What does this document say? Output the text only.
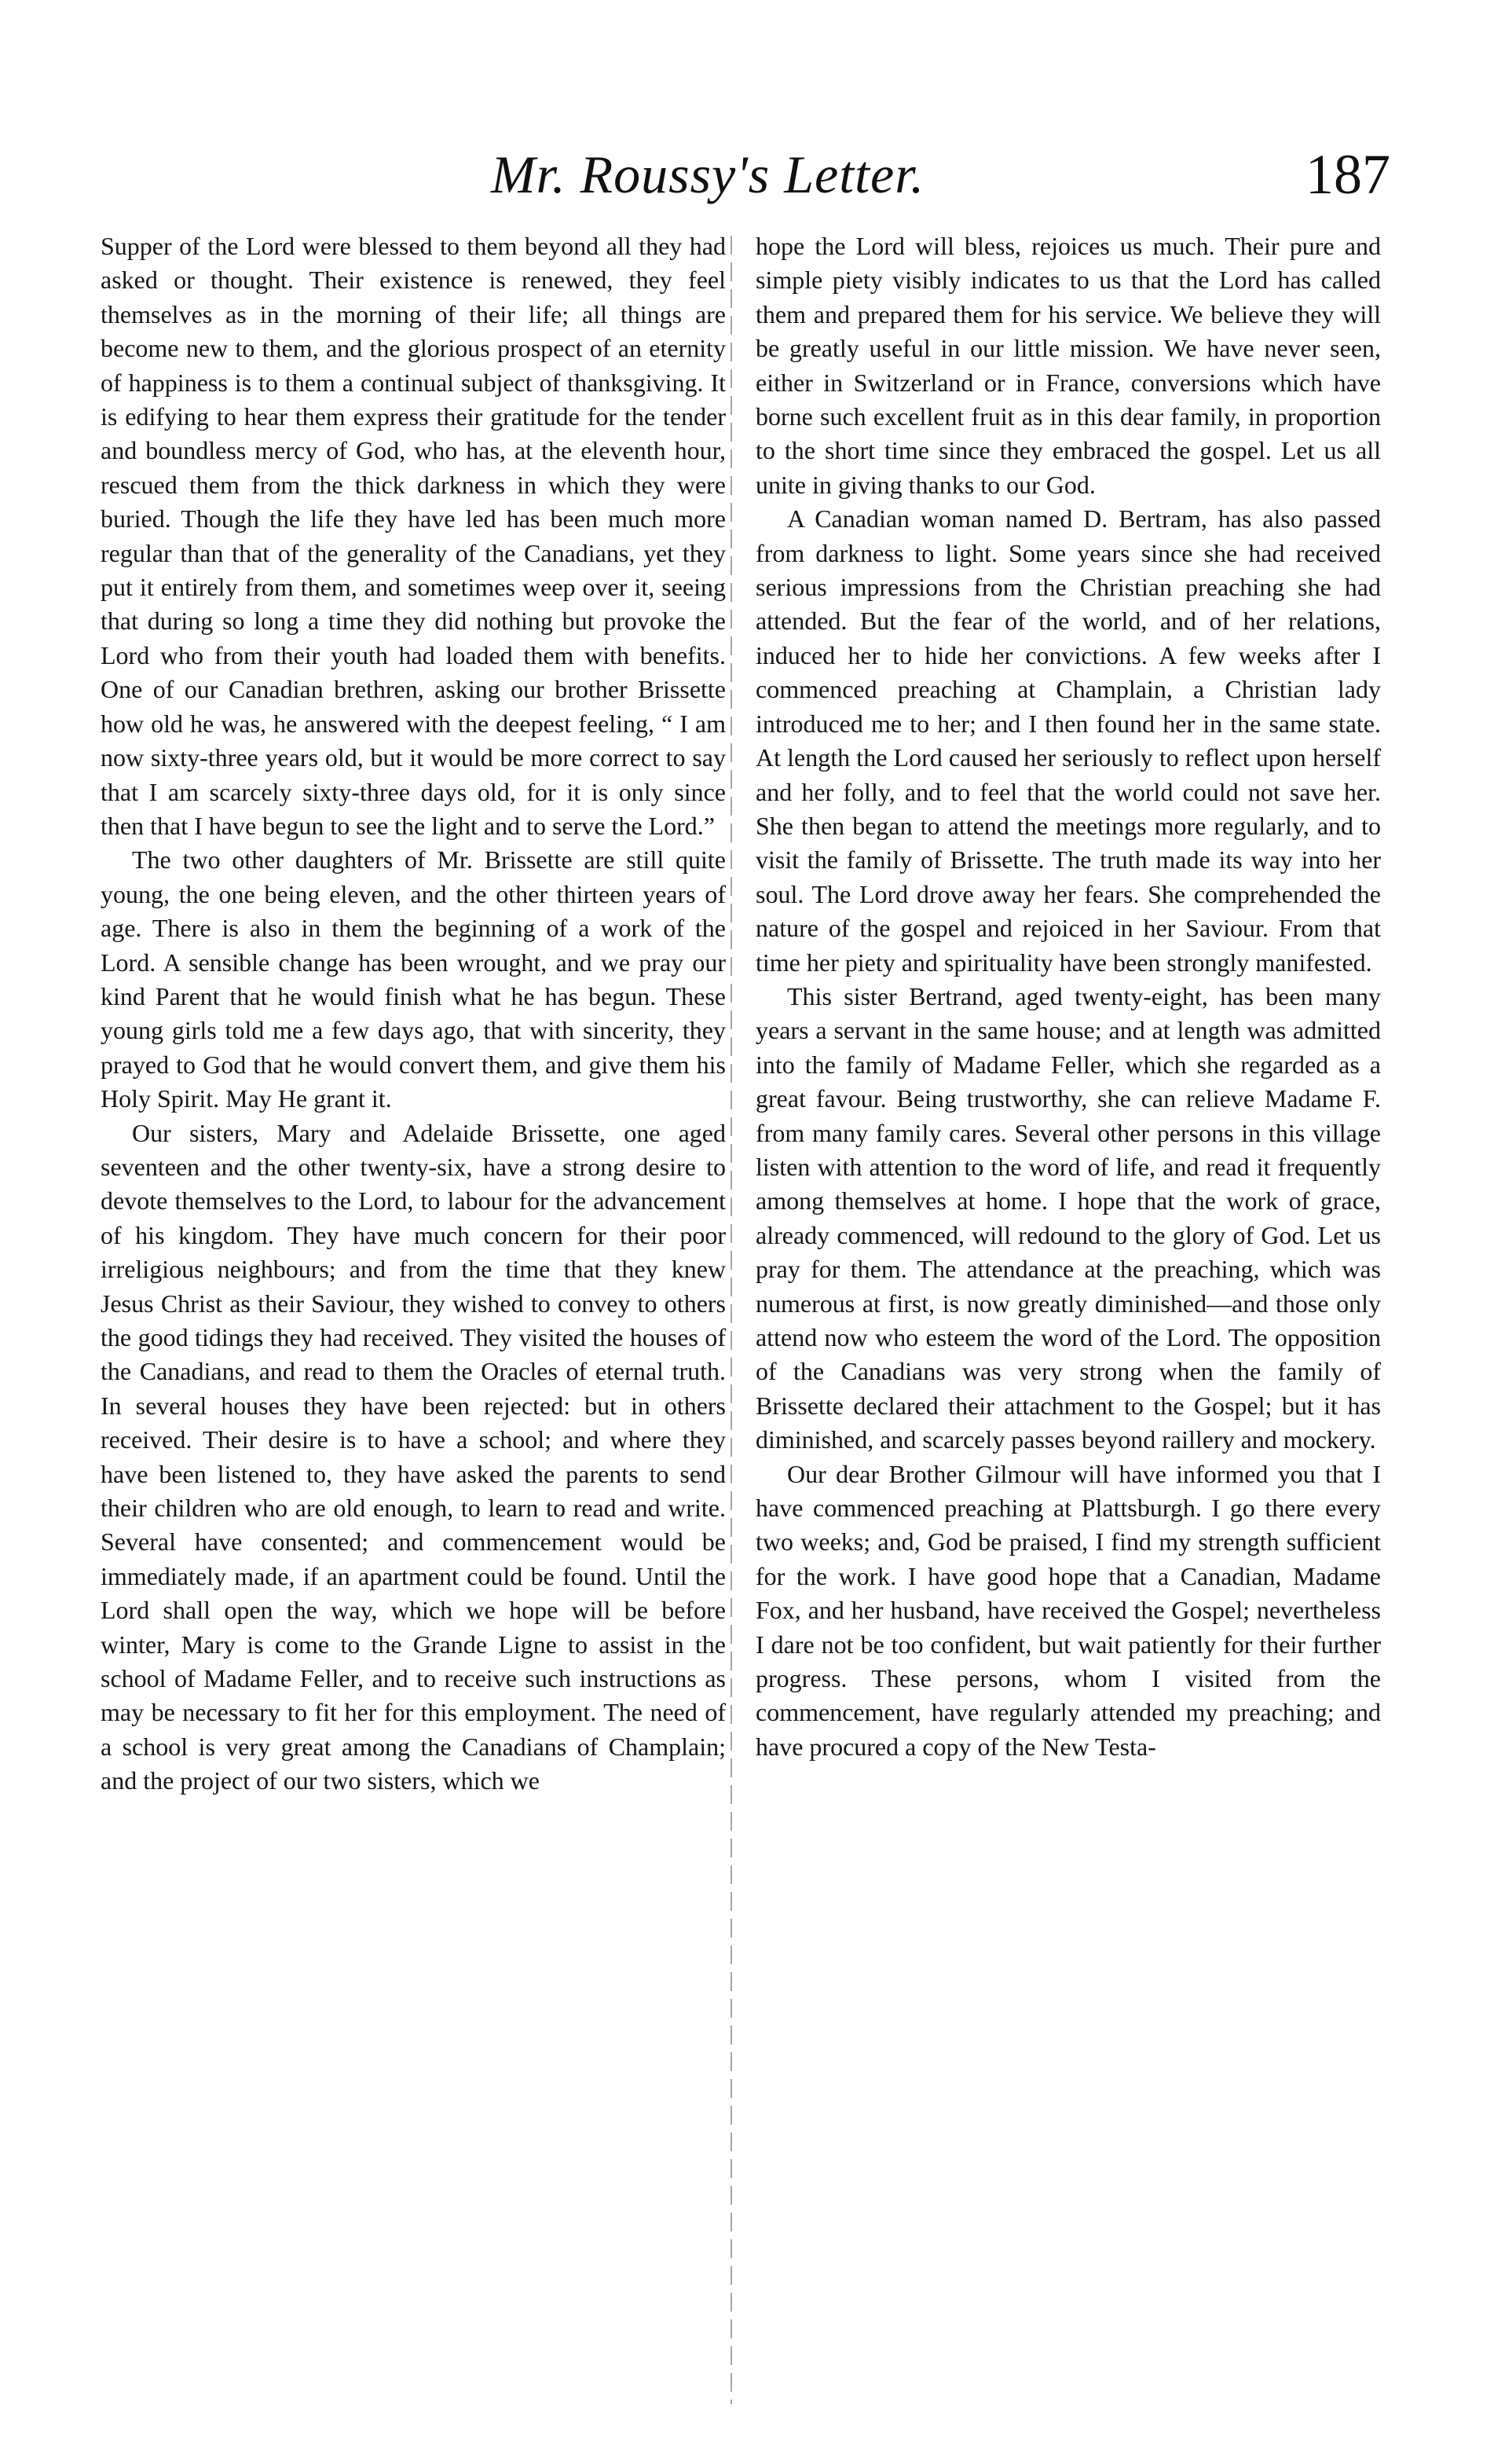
Mr. Roussy's Letter.	187

Supper of the Lord were blessed to them beyond all they had asked or thought. Their existence is renewed, they feel themselves as in the morning of their life; all things are become new to them, and the glorious prospect of an eternity of happiness is to them a continual subject of thanksgiving. It is edifying to hear them express their gratitude for the tender and boundless mercy of God, who has, at the eleventh hour, rescued them from the thick darkness in which they were buried. Though the life they have led has been much more regular than that of the generality of the Canadians, yet they put it entirely from them, and sometimes weep over it, seeing that during so long a time they did nothing but provoke the Lord who from their youth had loaded them with benefits. One of our Canadian brethren, asking our brother Brissette how old he was, he answered with the deepest feeling, “ I am now sixty-three years old, but it would be more correct to say that I am scarcely sixty-three days old, for it is only since then that I have begun to see the light and to serve the Lord.”

The two other daughters of Mr. Brissette are still quite young, the one being eleven, and the other thirteen years of age. There is also in them the beginning of a work of the Lord. A sensible change has been wrought, and we pray our kind Parent that he would finish what he has begun. These young girls told me a few days ago, that with sincerity, they prayed to God that he would convert them, and give them his Holy Spirit. May He grant it.

Our sisters, Mary and Adelaide Brissette, one aged seventeen and the other twenty-six, have a strong desire to devote themselves to the Lord, to labour for the advancement of his kingdom. They have much concern for their poor irreligious neighbours; and from the time that they knew Jesus Christ as their Saviour, they wished to convey to others the good tidings they had received. They visited the houses of the Canadians, and read to them the Oracles of eternal truth. In several houses they have been rejected: but in others received. Their desire is to have a school; and where they have been listened to, they have asked the parents to send their children who are old enough, to learn to read and write. Several have consented; and commencement would be immediately made, if an apartment could be found. Until the Lord shall open the way, which we hope will be before winter, Mary is come to the Grande Ligne to assist in the school of Madame Feller, and to receive such instructions as may be necessary to fit her for this employment. The need of a school is very great among the Canadians of Champlain; and the project of our two sisters, which we

hope the Lord will bless, rejoices us much. Their pure and simple piety visibly indicates to us that the Lord has called them and prepared them for his service. We believe they will be greatly useful in our little mission. We have never seen, either in Switzerland or in France, conversions which have borne such excellent fruit as in this dear family, in proportion to the short time since they embraced the gospel. Let us all unite in giving thanks to our God.

A Canadian woman named D. Bertram, has also passed from darkness to light. Some years since she had received serious impressions from the Christian preaching she had attended. But the fear of the world, and of her relations, induced her to hide her convictions. A few weeks after I commenced preaching at Champlain, a Christian lady introduced me to her; and I then found her in the same state. At length the Lord caused her seriously to reflect upon herself and her folly, and to feel that the world could not save her. She then began to attend the meetings more regularly, and to visit the family of Brissette. The truth made its way into her soul. The Lord drove away her fears. She comprehended the nature of the gospel and rejoiced in her Saviour. From that time her piety and spirituality have been strongly manifested.

This sister Bertrand, aged twenty-eight, has been many years a servant in the same house; and at length was admitted into the family of Madame Feller, which she regarded as a great favour. Being trustworthy, she can relieve Madame F. from many family cares. Several other persons in this village listen with attention to the word of life, and read it frequently among themselves at home. I hope that the work of grace, already commenced, will redound to the glory of God. Let us pray for them. The attendance at the preaching, which was numerous at first, is now greatly diminished—and those only attend now who esteem the word of the Lord. The opposition of the Canadians was very strong when the family of Brissette declared their attachment to the Gospel; but it has diminished, and scarcely passes beyond raillery and mockery.

Our dear Brother Gilmour will have informed you that I have commenced preaching at Plattsburgh. I go there every two weeks; and, God be praised, I find my strength sufficient for the work. I have good hope that a Canadian, Madame Fox, and her husband, have received the Gospel; nevertheless I dare not be too confident, but wait patiently for their further progress. These persons, whom I visited from the commencement, have regularly attended my preaching; and have procured a copy of the New Testa-
